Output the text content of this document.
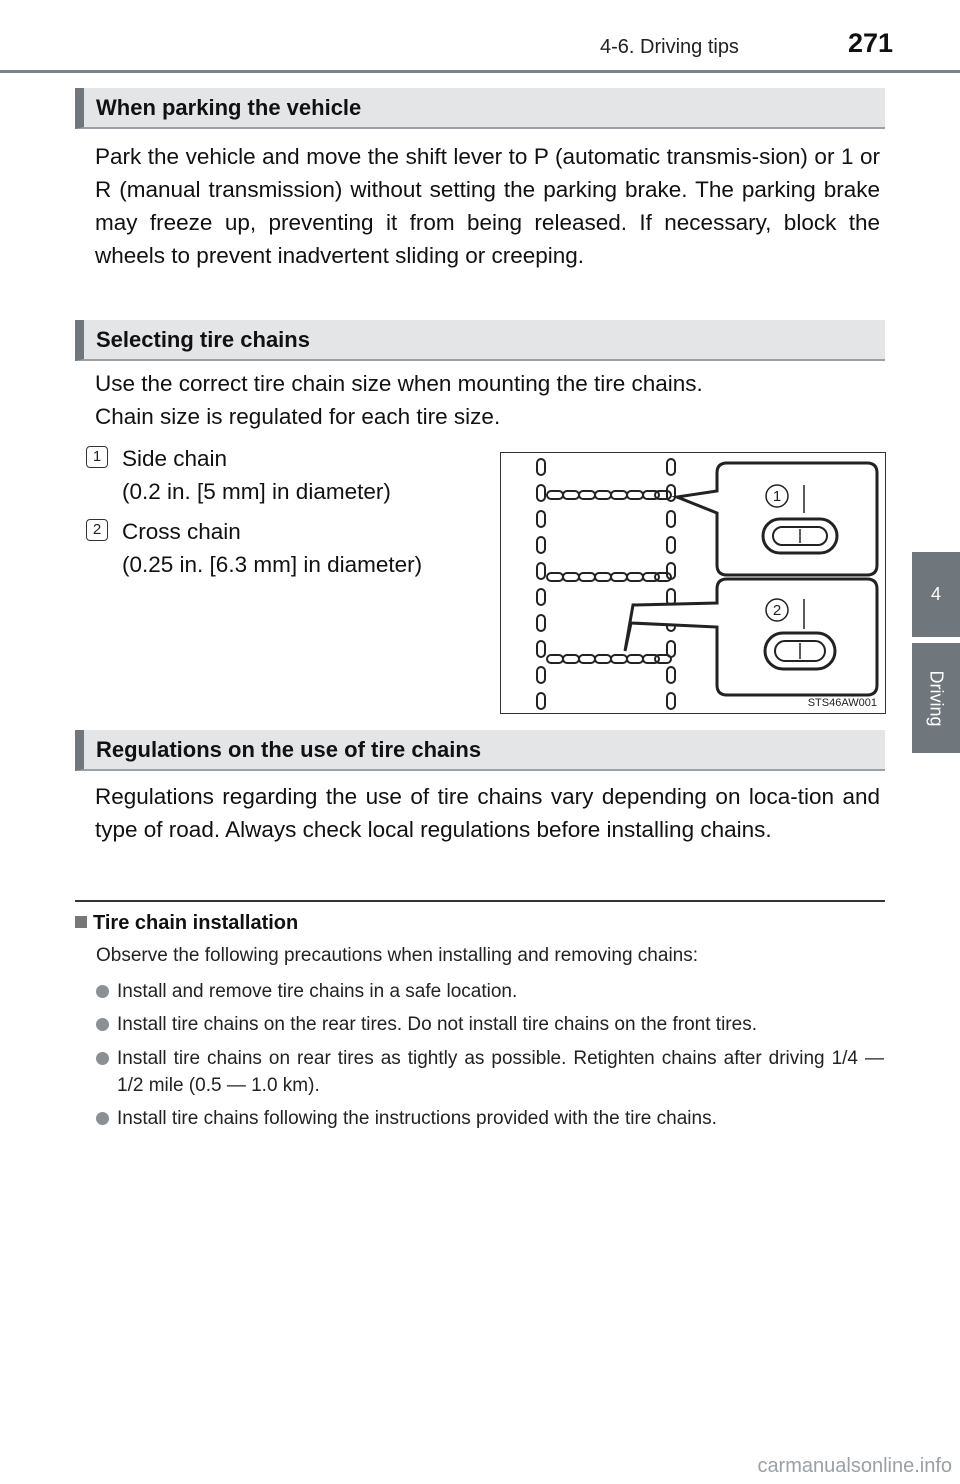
4-6. Driving tips	271
4
Driving
When parking the vehicle

Park the vehicle and move the shift lever to P (automatic transmis-sion) or 1 or R (manual transmission) without setting the parking brake. The parking brake may freeze up, preventing it from being released. If necessary, block the wheels to prevent inadvertent sliding or creeping.

Selecting tire chains
Use the correct tire chain size when mounting the tire chains.
Chain size is regulated for each tire size.
1 Side chain
(0.2 in. [5 mm] in diameter)
2 Cross chain
(0.25 in. [6.3 mm] in diameter)
1
2
STS46AW001
Regulations on the use of tire chains

Regulations regarding the use of tire chains vary depending on loca-tion and type of road. Always check local regulations before installing chains.

Tire chain installation

Observe the following precautions when installing and removing chains:

Install and remove tire chains in a safe location.
Install tire chains on the rear tires. Do not install tire chains on the front tires.
Install tire chains on rear tires as tightly as possible. Retighten chains after driving 1/4 — 1/2 mile (0.5 — 1.0 km).
Install tire chains following the instructions provided with the tire chains.
carmanualsonline.info
